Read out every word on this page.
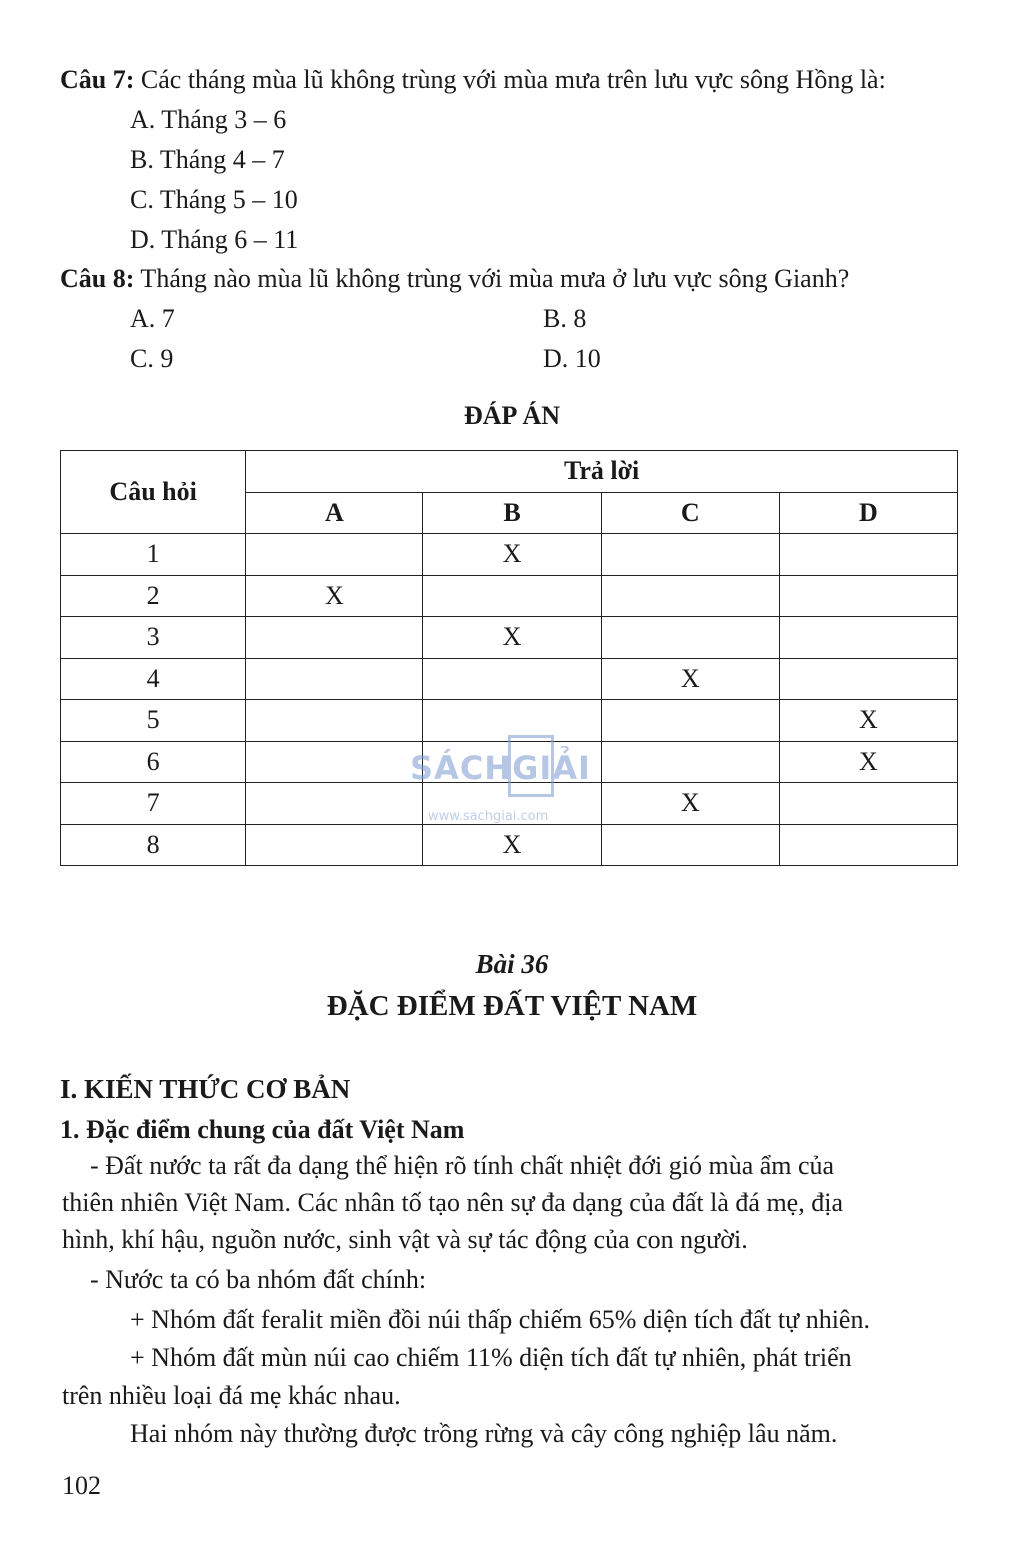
Câu 7: Các tháng mùa lũ không trùng với mùa mưa trên lưu vực sông Hồng là:
A. Tháng 3 – 6
B. Tháng 4 – 7
C. Tháng 5 – 10
D. Tháng 6 – 11
Câu 8: Tháng nào mùa lũ không trùng với mùa mưa ở lưu vực sông Gianh?
A. 7	B. 8
C. 9	D. 10
ĐÁP ÁN
Câu hỏi	Trả lời			
	A	B	C	D
1		X		
2	X			
3		X		
4			X	
5				X
6				X
7			X	
8		X		
SÁCHGIẢI
www.sachgiai.com
Bài 36
ĐẶC ĐIỂM ĐẤT VIỆT NAM
I. KIẾN THỨC CƠ BẢN
1. Đặc điểm chung của đất Việt Nam
- Đất nước ta rất đa dạng thể hiện rõ tính chất nhiệt đới gió mùa ẩm của
thiên nhiên Việt Nam. Các nhân tố tạo nên sự đa dạng của đất là đá mẹ, địa
hình, khí hậu, nguồn nước, sinh vật và sự tác động của con người.
- Nước ta có ba nhóm đất chính:
+ Nhóm đất feralit miền đồi núi thấp chiếm 65% diện tích đất tự nhiên.
+ Nhóm đất mùn núi cao chiếm 11% diện tích đất tự nhiên, phát triển
trên nhiều loại đá mẹ khác nhau.
Hai nhóm này thường được trồng rừng và cây công nghiệp lâu năm.
102
